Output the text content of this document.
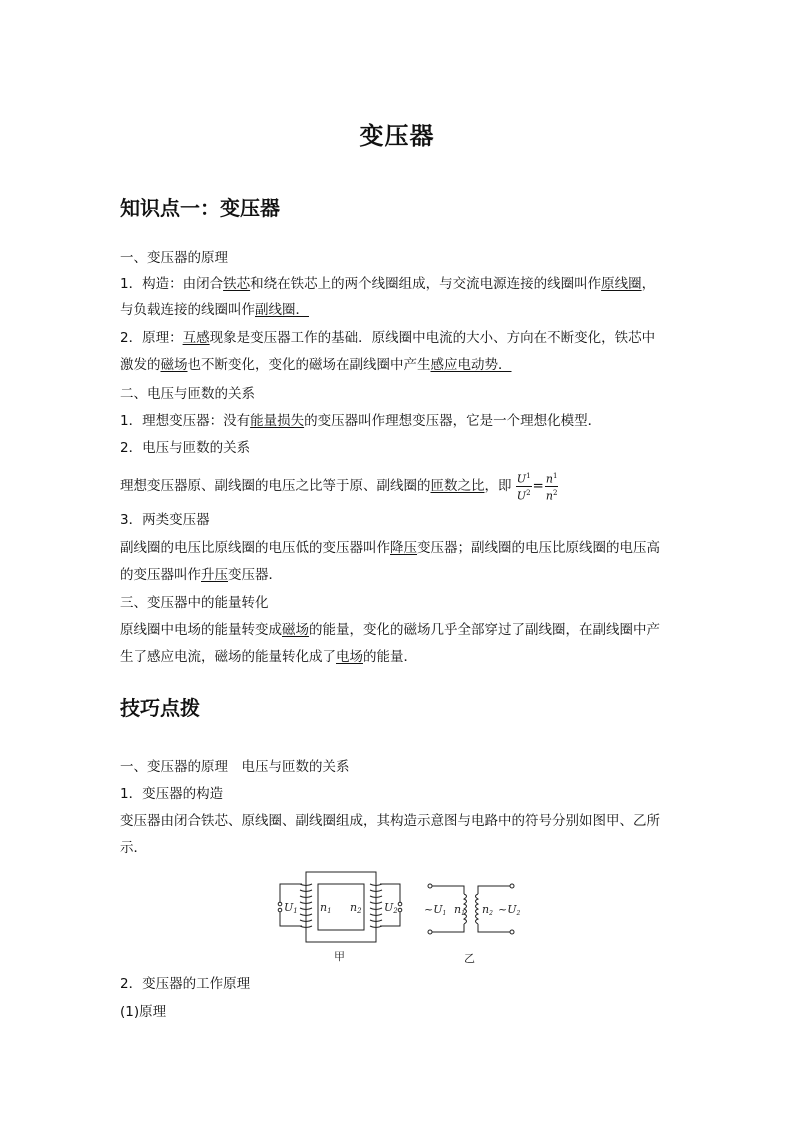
变压器
知识点一：变压器
一、变压器的原理
1．构造：由闭合铁芯和绕在铁芯上的两个线圈组成，与交流电源连接的线圈叫作原线圈，
与负载连接的线圈叫作副线圈．
2．原理：互感现象是变压器工作的基础．原线圈中电流的大小、方向在不断变化，铁芯中
激发的磁场也不断变化，变化的磁场在副线圈中产生感应电动势．
二、电压与匝数的关系
1．理想变压器：没有能量损失的变压器叫作理想变压器，它是一个理想化模型．
2．电压与匝数的关系
理想变压器原、副线圈的电压之比等于原、副线圈的匝数之比，即 $\frac{U^1}{U^2} = \frac{n^1}{n^2}$
3．两类变压器
副线圈的电压比原线圈的电压低的变压器叫作降压变压器；副线圈的电压比原线圈的电压高
的变压器叫作升压变压器．
三、变压器中的能量转化
原线圈中电场的能量转变成磁场的能量，变化的磁场几乎全部穿过了副线圈，在副线圈中产
生了感应电流，磁场的能量转化成了电场的能量．
技巧点拨
一、变压器的原理　电压与匝数的关系
1．变压器的构造
变压器由闭合铁芯、原线圈、副线圈组成，其构造示意图与电路中的符号分别如图甲、乙所
示．
U1 n1 n2 U2
甲
~U1 n1 n2 ~U2
乙
2．变压器的工作原理
(1)原理
